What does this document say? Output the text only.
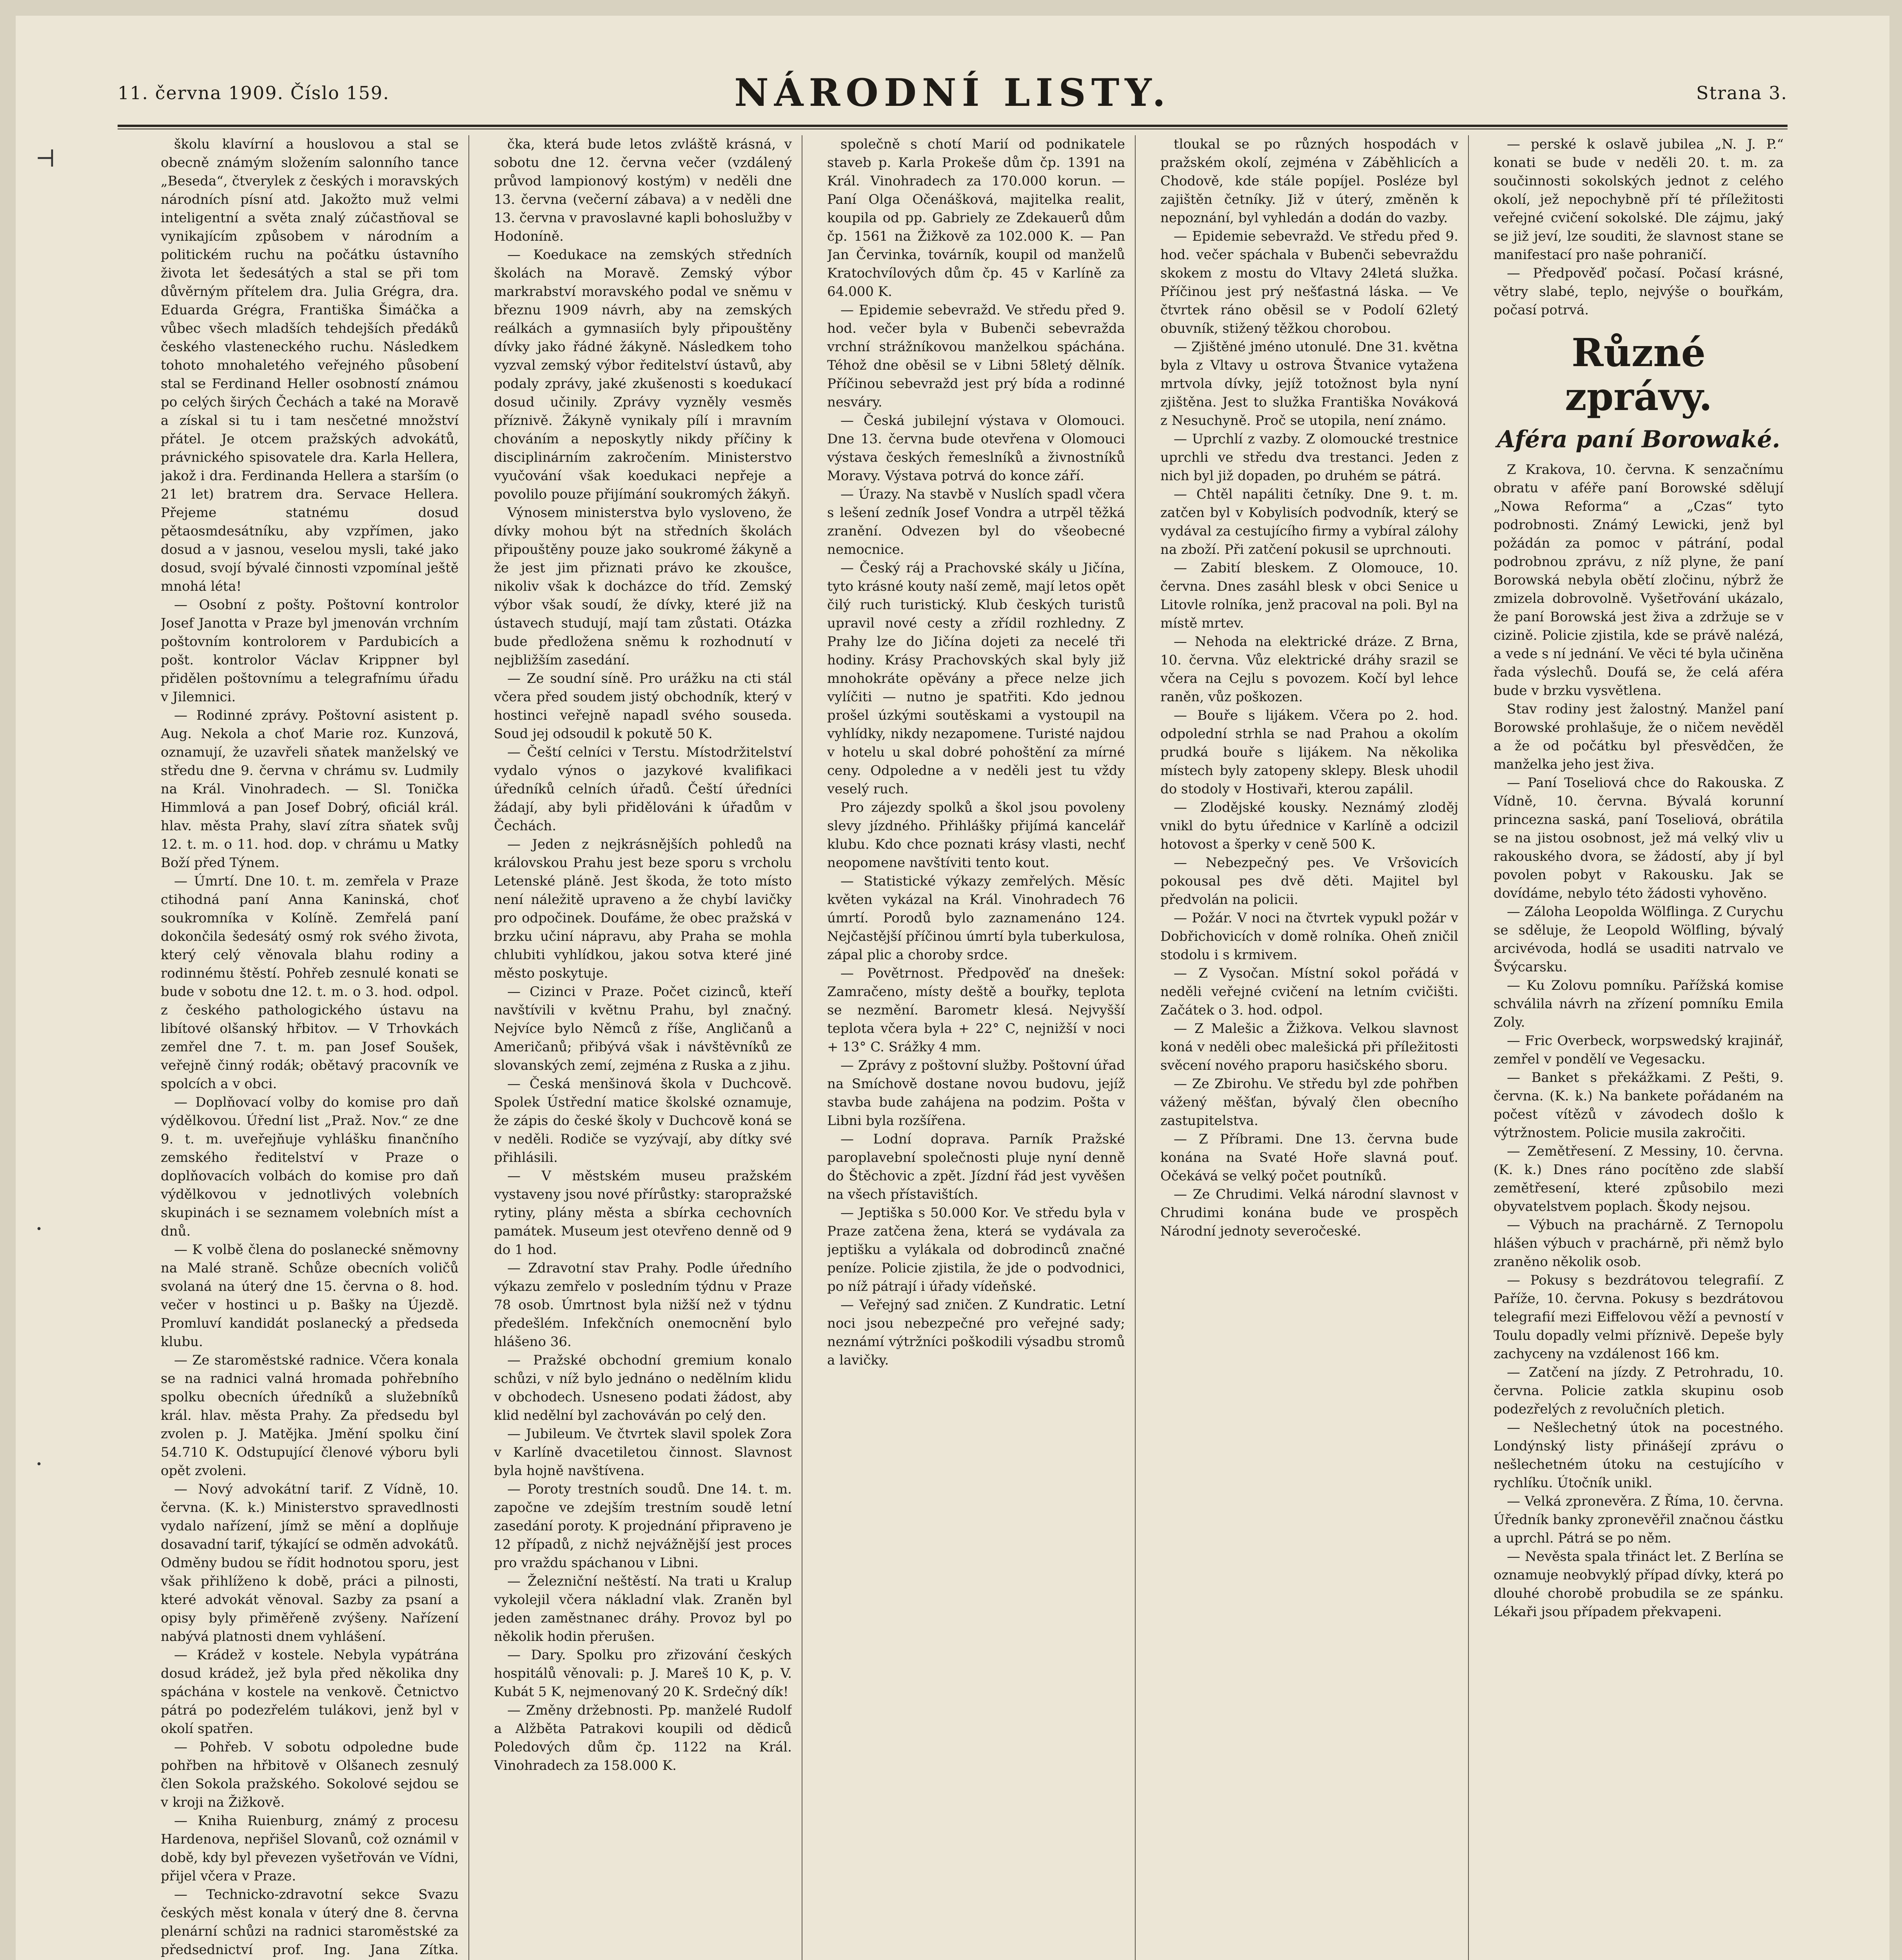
⊣
·
·
11. června 1909. Číslo 159.	NÁRODNÍ LISTY.	Strana 3.

školu klavírní a houslovou a stal se obecně známým složením salonního tance „Beseda“, čtverylek z českých i moravských národních písní atd. Jakožto muž velmi inteligentní a světa znalý zúčastňoval se vynikajícím způsobem v národním a politickém ruchu na počátku ústavního života let šedesátých a stal se při tom důvěrným přítelem dra. Julia Grégra, dra. Eduarda Grégra, Františka Šimáčka a vůbec všech mladších tehdejších předáků českého vlasteneckého ruchu. Následkem tohoto mnohaletého veřejného působení stal se Ferdinand Heller osobností známou po celých širých Čechách a také na Moravě a získal si tu i tam nesčetné množství přátel. Je otcem pražských advokátů, právnického spisovatele dra. Karla Hellera, jakož i dra. Ferdinanda Hellera a starším (o 21 let) bratrem dra. Servace Hellera. Přejeme statnému dosud pětaosmdesátníku, aby vzpřímen, jako dosud a v jasnou, veselou mysli, také jako dosud, svojí bývalé činnosti vzpomínal ještě mnohá léta!

— Osobní z pošty. Poštovní kontrolor Josef Janotta v Praze byl jmenován vrchním poštovním kontrolorem v Pardubicích a pošt. kontrolor Václav Krippner byl přidělen poštovnímu a telegrafnímu úřadu v Jilemnici.

— Rodinné zprávy. Poštovní asistent p. Aug. Nekola a choť Marie roz. Kunzová, oznamují, že uzavřeli sňatek manželský ve středu dne 9. června v chrámu sv. Ludmily na Král. Vinohradech. — Sl. Tonička Himmlová a pan Josef Dobrý, oficiál král. hlav. města Prahy, slaví zítra sňatek svůj 12. t. m. o 11. hod. dop. v chrámu u Matky Boží před Týnem.

— Úmrtí. Dne 10. t. m. zemřela v Praze ctihodná paní Anna Kaninská, choť soukromníka v Kolíně. Zemřelá paní dokončila šedesátý osmý rok svého života, který celý věnovala blahu rodiny a rodinnému štěstí. Pohřeb zesnulé konati se bude v sobotu dne 12. t. m. o 3. hod. odpol. z českého pathologického ústavu na libítové olšanský hřbitov. — V Trhovkách zemřel dne 7. t. m. pan Josef Soušek, veřejně činný rodák; obětavý pracovník ve spolcích a v obci.

— Doplňovací volby do komise pro daň výdělkovou. Úřední list „Praž. Nov.“ ze dne 9. t. m. uveřejňuje vyhlášku finančního zemského ředitelství v Praze o doplňovacích volbách do komise pro daň výdělkovou v jednotlivých volebních skupinách i se seznamem volebních míst a dnů.

— K volbě člena do poslanecké sněmovny na Malé straně. Schůze obecních voličů svolaná na úterý dne 15. června o 8. hod. večer v hostinci u p. Bašky na Újezdě. Promluví kandidát poslanecký a předseda klubu.

— Ze staroměstské radnice. Včera konala se na radnici valná hromada pohřebního spolku obecních úředníků a služebníků král. hlav. města Prahy. Za předsedu byl zvolen p. J. Matějka. Jmění spolku činí 54.710 K. Odstupující členové výboru byli opět zvoleni.

— Nový advokátní tarif. Z Vídně, 10. června. (K. k.) Ministerstvo spravedlnosti vydalo nařízení, jímž se mění a doplňuje dosavadní tarif, týkající se odměn advokátů. Odměny budou se řídit hodnotou sporu, jest však přihlíženo k době, práci a pilnosti, které advokát věnoval. Sazby za psaní a opisy byly přiměřeně zvýšeny. Nařízení nabývá platnosti dnem vyhlášení.

— Krádež v kostele. Nebyla vypátrána dosud krádež, jež byla před několika dny spáchána v kostele na venkově. Četnictvo pátrá po podezřelém tulákovi, jenž byl v okolí spatřen.

— Pohřeb. V sobotu odpoledne bude pohřben na hřbitově v Olšanech zesnulý člen Sokola pražského. Sokolové sejdou se v kroji na Žižkově.

— Kniha Ruienburg, známý z procesu Hardenova, nepřišel Slovanů, což oznámil v době, kdy byl převezen vyšetřován ve Vídni, přijel včera v Praze.

— Technicko-zdravotní sekce Svazu českých měst konala v úterý dne 8. června plenární schůzi na radnici staroměstské za předsednictví prof. Ing. Jana Zítka.

čka, která bude letos zvláště krásná, v sobotu dne 12. června večer (vzdálený průvod lampionový kostým) v neděli dne 13. června (večerní zábava) a v neděli dne 13. června v pravoslavné kapli bohoslužby v Hodoníně.

— Koedukace na zemských středních školách na Moravě. Zemský výbor markrabství moravského podal ve sněmu v březnu 1909 návrh, aby na zemských reálkách a gymnasiích byly připouštěny dívky jako řádné žákyně. Následkem toho vyzval zemský výbor ředitelství ústavů, aby podaly zprávy, jaké zkušenosti s koedukací dosud učinily. Zprávy vyzněly vesměs příznivě. Žákyně vynikaly pílí i mravním chováním a neposkytly nikdy příčiny k disciplinárním zakročením. Ministerstvo vyučování však koedukaci nepřeje a povolilo pouze přijímání soukromých žákyň.

Výnosem ministerstva bylo vysloveno, že dívky mohou být na středních školách připouštěny pouze jako soukromé žákyně a že jest jim přiznati právo ke zkoušce, nikoliv však k docházce do tříd. Zemský výbor však soudí, že dívky, které již na ústavech studují, mají tam zůstati. Otázka bude předložena sněmu k rozhodnutí v nejbližším zasedání.

— Ze soudní síně. Pro urážku na cti stál včera před soudem jistý obchodník, který v hostinci veřejně napadl svého souseda. Soud jej odsoudil k pokutě 50 K.

— Čeští celníci v Terstu. Místodržitelství vydalo výnos o jazykové kvalifikaci úředníků celních úřadů. Čeští úředníci žádají, aby byli přidělováni k úřadům v Čechách.

— Jeden z nejkrásnějších pohledů na královskou Prahu jest beze sporu s vrcholu Letenské pláně. Jest škoda, že toto místo není náležitě upraveno a že chybí lavičky pro odpočinek. Doufáme, že obec pražská v brzku učiní nápravu, aby Praha se mohla chlubiti vyhlídkou, jakou sotva které jiné město poskytuje.

— Cizinci v Praze. Počet cizinců, kteří navštívili v květnu Prahu, byl značný. Nejvíce bylo Němců z říše, Angličanů a Američanů; přibývá však i návštěvníků ze slovanských zemí, zejména z Ruska a z jihu.

— Česká menšinová škola v Duchcově. Spolek Ústřední matice školské oznamuje, že zápis do české školy v Duchcově koná se v neděli. Rodiče se vyzývají, aby dítky své přihlásili.

— V městském museu pražském vystaveny jsou nové přírůstky: staropražské rytiny, plány města a sbírka cechovních památek. Museum jest otevřeno denně od 9 do 1 hod.

— Zdravotní stav Prahy. Podle úředního výkazu zemřelo v posledním týdnu v Praze 78 osob. Úmrtnost byla nižší než v týdnu předešlém. Infekčních onemocnění bylo hlášeno 36.

— Pražské obchodní gremium konalo schůzi, v níž bylo jednáno o nedělním klidu v obchodech. Usneseno podati žádost, aby klid nedělní byl zachováván po celý den.

— Jubileum. Ve čtvrtek slavil spolek Zora v Karlíně dvacetiletou činnost. Slavnost byla hojně navštívena.

— Poroty trestních soudů. Dne 14. t. m. započne ve zdejším trestním soudě letní zasedání poroty. K projednání připraveno je 12 případů, z nichž nejvážnější jest proces pro vraždu spáchanou v Libni.

— Železniční neštěstí. Na trati u Kralup vykolejil včera nákladní vlak. Zraněn byl jeden zaměstnanec dráhy. Provoz byl po několik hodin přerušen.

— Dary. Spolku pro zřizování českých hospitálů věnovali: p. J. Mareš 10 K, p. V. Kubát 5 K, nejmenovaný 20 K. Srdečný dík!

— Změny držebnosti. Pp. manželé Rudolf a Alžběta Patrakovi koupili od dědiců Poledových dům čp. 1122 na Král. Vinohradech za 158.000 K.

společně s chotí Marií od podnikatele staveb p. Karla Prokeše dům čp. 1391 na Král. Vinohradech za 170.000 korun. — Paní Olga Očenášková, majitelka realit, koupila od pp. Gabriely ze Zdekauerů dům čp. 1561 na Žižkově za 102.000 K. — Pan Jan Červinka, továrník, koupil od manželů Kratochvílových dům čp. 45 v Karlíně za 64.000 K.

— Epidemie sebevražd. Ve středu před 9. hod. večer byla v Bubenči sebevražda vrchní strážníkovou manželkou spáchána. Téhož dne oběsil se v Libni 58letý dělník. Příčinou sebevražd jest prý bída a rodinné nesváry.

— Česká jubilejní výstava v Olomouci. Dne 13. června bude otevřena v Olomouci výstava českých řemeslníků a živnostníků Moravy. Výstava potrvá do konce září.

— Úrazy. Na stavbě v Nuslích spadl včera s lešení zedník Josef Vondra a utrpěl těžká zranění. Odvezen byl do všeobecné nemocnice.

— Český ráj a Prachovské skály u Jičína, tyto krásné kouty naší země, mají letos opět čilý ruch turistický. Klub českých turistů upravil nové cesty a zřídil rozhledny. Z Prahy lze do Jičína dojeti za necelé tři hodiny. Krásy Prachovských skal byly již mnohokráte opěvány a přece nelze jich vylíčiti — nutno je spatřiti. Kdo jednou prošel úzkými soutěskami a vystoupil na vyhlídky, nikdy nezapomene. Turisté najdou v hotelu u skal dobré pohoštění za mírné ceny. Odpoledne a v neděli jest tu vždy veselý ruch.

Pro zájezdy spolků a škol jsou povoleny slevy jízdného. Přihlášky přijímá kancelář klubu. Kdo chce poznati krásy vlasti, nechť neopomene navštíviti tento kout.

— Statistické výkazy zemřelých. Měsíc květen vykázal na Král. Vinohradech 76 úmrtí. Porodů bylo zaznamenáno 124. Nejčastější příčinou úmrtí byla tuberkulosa, zápal plic a choroby srdce.

— Povětrnost. Předpověď na dnešek: Zamračeno, místy deště a bouřky, teplota se nezmění. Barometr klesá. Nejvyšší teplota včera byla + 22° C, nejnižší v noci + 13° C. Srážky 4 mm.

— Zprávy z poštovní služby. Poštovní úřad na Smíchově dostane novou budovu, jejíž stavba bude zahájena na podzim. Pošta v Libni byla rozšířena.

— Lodní doprava. Parník Pražské paroplavební společnosti pluje nyní denně do Štěchovic a zpět. Jízdní řád jest vyvěšen na všech přístavištích.

— Jeptiška s 50.000 Kor. Ve středu byla v Praze zatčena žena, která se vydávala za jeptišku a vylákala od dobrodinců značné peníze. Policie zjistila, že jde o podvodnici, po níž pátrají i úřady vídeňské.

— Veřejný sad zničen. Z Kundratic. Letní noci jsou nebezpečné pro veřejné sady; neznámí výtržníci poškodili výsadbu stromů a lavičky.

tloukal se po různých hospodách v pražském okolí, zejména v Záběhlicích a Chodově, kde stále popíjel. Posléze byl zajištěn četníky. Již v úterý, změněn k nepoznání, byl vyhledán a dodán do vazby.

— Epidemie sebevražd. Ve středu před 9. hod. večer spáchala v Bubenči sebevraždu skokem z mostu do Vltavy 24letá služka. Příčinou jest prý nešťastná láska. — Ve čtvrtek ráno oběsil se v Podolí 62letý obuvník, stižený těžkou chorobou.

— Zjištěné jméno utonulé. Dne 31. května byla z Vltavy u ostrova Štvanice vytažena mrtvola dívky, jejíž totožnost byla nyní zjištěna. Jest to služka Františka Nováková z Nesuchyně. Proč se utopila, není známo.

— Uprchlí z vazby. Z olomoucké trestnice uprchli ve středu dva trestanci. Jeden z nich byl již dopaden, po druhém se pátrá.

— Chtěl napáliti četníky. Dne 9. t. m. zatčen byl v Kobylisích podvodník, který se vydával za cestujícího firmy a vybíral zálohy na zboží. Při zatčení pokusil se uprchnouti.

— Zabití bleskem. Z Olomouce, 10. června. Dnes zasáhl blesk v obci Senice u Litovle rolníka, jenž pracoval na poli. Byl na místě mrtev.

— Nehoda na elektrické dráze. Z Brna, 10. června. Vůz elektrické dráhy srazil se včera na Cejlu s povozem. Kočí byl lehce raněn, vůz poškozen.

— Bouře s lijákem. Včera po 2. hod. odpolední strhla se nad Prahou a okolím prudká bouře s lijákem. Na několika místech byly zatopeny sklepy. Blesk uhodil do stodoly v Hostivaři, kterou zapálil.

— Zlodějské kousky. Neznámý zloděj vnikl do bytu úřednice v Karlíně a odcizil hotovost a šperky v ceně 500 K.

— Nebezpečný pes. Ve Vršovicích pokousal pes dvě děti. Majitel byl předvolán na policii.

— Požár. V noci na čtvrtek vypukl požár v Dobřichovicích v domě rolníka. Oheň zničil stodolu i s krmivem.

— Z Vysočan. Místní sokol pořádá v neděli veřejné cvičení na letním cvičišti. Začátek o 3. hod. odpol.

— Z Malešic a Žižkova. Velkou slavnost koná v neděli obec malešická při příležitosti svěcení nového praporu hasičského sboru.

— Ze Zbirohu. Ve středu byl zde pohřben vážený měšťan, bývalý člen obecního zastupitelstva.

— Z Příbrami. Dne 13. června bude konána na Svaté Hoře slavná pouť. Očekává se velký počet poutníků.

— Ze Chrudimi. Velká národní slavnost v Chrudimi konána bude ve prospěch Národní jednoty severočeské.

— perské k oslavě jubilea „N. J. P.“ konati se bude v neděli 20. t. m. za součinnosti sokolských jednot z celého okolí, jež nepochybně pří té příležitosti veřejné cvičení sokolské. Dle zájmu, jaký se již jeví, lze souditi, že slavnost stane se manifestací pro naše pohraničí.

— Předpověď počasí. Počasí krásné, větry slabé, teplo, nejvýše o bouřkám, počasí potrvá.

Různé zprávy.
Aféra paní Borowaké.

Z Krakova, 10. června. K senzačnímu obratu v aféře paní Borowské sdělují „Nowa Reforma“ a „Czas“ tyto podrobnosti. Známý Lewicki, jenž byl požádán za pomoc v pátrání, podal podrobnou zprávu, z níž plyne, že paní Borowská nebyla obětí zločinu, nýbrž že zmizela dobrovolně. Vyšetřování ukázalo, že paní Borowská jest živa a zdržuje se v cizině. Policie zjistila, kde se právě nalézá, a vede s ní jednání. Ve věci té byla učiněna řada výslechů. Doufá se, že celá aféra bude v brzku vysvětlena.

Stav rodiny jest žalostný. Manžel paní Borowské prohlašuje, že o ničem nevěděl a že od počátku byl přesvědčen, že manželka jeho jest živa.

— Paní Toseliová chce do Rakouska. Z Vídně, 10. června. Bývalá korunní princezna saská, paní Toseliová, obrátila se na jistou osobnost, jež má velký vliv u rakouského dvora, se žádostí, aby jí byl povolen pobyt v Rakousku. Jak se dovídáme, nebylo této žádosti vyhověno.

— Záloha Leopolda Wölflinga. Z Curychu se sděluje, že Leopold Wölfling, bývalý arcivévoda, hodlá se usaditi natrvalo ve Švýcarsku.

— Ku Zolovu pomníku. Pařížská komise schválila návrh na zřízení pomníku Emila Zoly.

— Fric Overbeck, worpswedský krajinář, zemřel v pondělí ve Vegesacku.

— Banket s překážkami. Z Pešti, 9. června. (K. k.) Na bankete pořádaném na počest vítězů v závodech došlo k výtržnostem. Policie musila zakročiti.

— Zemětřesení. Z Messiny, 10. června. (K. k.) Dnes ráno pocítěno zde slabší zemětřesení, které způsobilo mezi obyvatelstvem poplach. Škody nejsou.

— Výbuch na prachárně. Z Ternopolu hlášen výbuch v prachárně, při němž bylo zraněno několik osob.

— Pokusy s bezdrátovou telegrafií. Z Paříže, 10. června. Pokusy s bezdrátovou telegrafií mezi Eiffelovou věží a pevností v Toulu dopadly velmi příznivě. Depeše byly zachyceny na vzdálenost 166 km.

— Zatčení na jízdy. Z Petrohradu, 10. června. Policie zatkla skupinu osob podezřelých z revolučních pletich.

— Nešlechetný útok na pocestného. Londýnský listy přinášejí zprávu o nešlechetném útoku na cestujícího v rychlíku. Útočník unikl.

— Velká zpronevěra. Z Říma, 10. června. Úředník banky zpronevěřil značnou částku a uprchl. Pátrá se po něm.

— Nevěsta spala třináct let. Z Berlína se oznamuje neobvyklý případ dívky, která po dlouhé chorobě probudila se ze spánku. Lékaři jsou případem překvapeni.
